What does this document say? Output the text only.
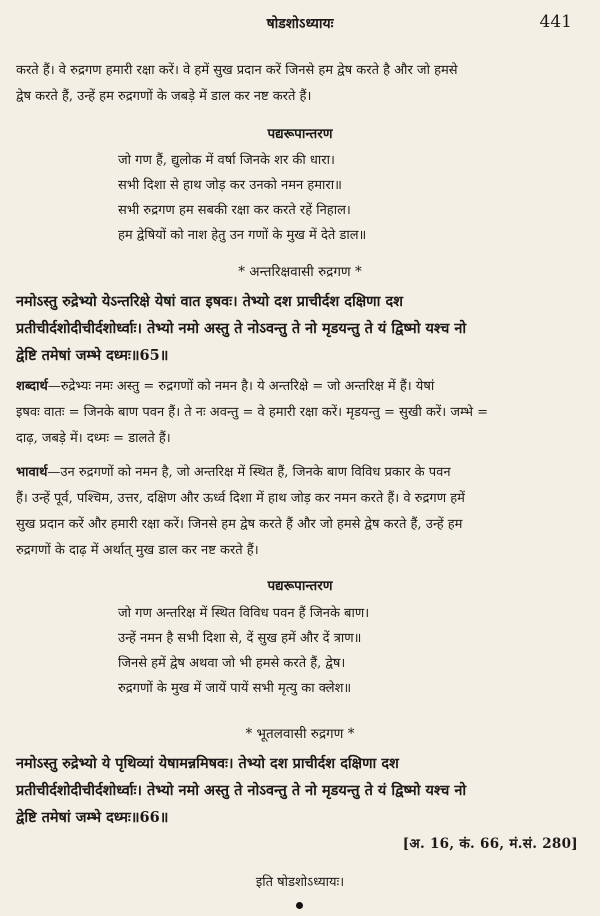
षोडशोऽध्यायः	441
करते हैं। वे रुद्रगण हमारी रक्षा करें। वे हमें सुख प्रदान करें जिनसे हम द्वेष करते है और जो हमसे
द्वेष करते हैं, उन्हें हम रुद्रगणों के जबड़े में डाल कर नष्ट करते हैं।
पद्यरूपान्तरण
जो गण हैं, द्युलोक में वर्षा जिनके शर की धारा।
सभी दिशा से हाथ जोड़ कर उनको नमन हमारा॥
सभी रुद्रगण हम सबकी रक्षा कर करते रहें निहाल।
हम द्वेषियों को नाश हेतु उन गणों के मुख में देते डाल॥
* अन्तरिक्षवासी रुद्रगण *
नमोऽस्तु रुद्रेभ्यो येऽन्तरिक्षे येषां वात इषवः। तेभ्यो दश प्राचीर्दश दक्षिणा दश
प्रतीचीर्दशोदीचीर्दशोर्ध्वाः। तेभ्यो नमो अस्तु ते नोऽवन्तु ते नो मृडयन्तु ते यं द्विष्मो यश्च नो
द्वेष्टि तमेषां जम्भे दध्मः॥65॥
शब्दार्थ—रुद्रेभ्यः नमः अस्तु = रुद्रगणों को नमन है। ये अन्तरिक्षे = जो अन्तरिक्ष में हैं। येषां
इषवः वातः = जिनके बाण पवन हैं। ते नः अवन्तु = वे हमारी रक्षा करें। मृडयन्तु = सुखी करें। जम्भे =
दाढ़, जबड़े में। दध्मः = डालते हैं।
भावार्थ—उन रुद्रगणों को नमन है, जो अन्तरिक्ष में स्थित हैं, जिनके बाण विविध प्रकार के पवन
हैं। उन्हें पूर्व, पश्चिम, उत्तर, दक्षिण और ऊर्ध्व दिशा में हाथ जोड़ कर नमन करते हैं। वे रुद्रगण हमें
सुख प्रदान करें और हमारी रक्षा करें। जिनसे हम द्वेष करते हैं और जो हमसे द्वेष करते हैं, उन्हें हम
रुद्रगणों के दाढ़ में अर्थात् मुख डाल कर नष्ट करते हैं।
पद्यरूपान्तरण
जो गण अन्तरिक्ष में स्थित विविध पवन हैं जिनके बाण।
उन्हें नमन है सभी दिशा से, दें सुख हमें और दें त्राण॥
जिनसे हमें द्वेष अथवा जो भी हमसे करते हैं, द्वेष।
रुद्रगणों के मुख में जायें पायें सभी मृत्यु का क्लेश॥
* भूतलवासी रुद्रगण *
नमोऽस्तु रुद्रेभ्यो ये पृथिव्यां येषामन्नमिषवः। तेभ्यो दश प्राचीर्दश दक्षिणा दश
प्रतीचीर्दशोदीचीर्दशोर्ध्वाः। तेभ्यो नमो अस्तु ते नोऽवन्तु ते नो मृडयन्तु ते यं द्विष्मो यश्च नो
द्वेष्टि तमेषां जम्भे दध्मः॥66॥
[अ. 16, कं. 66, मं.सं. 280]
इति षोडशोऽध्यायः।
